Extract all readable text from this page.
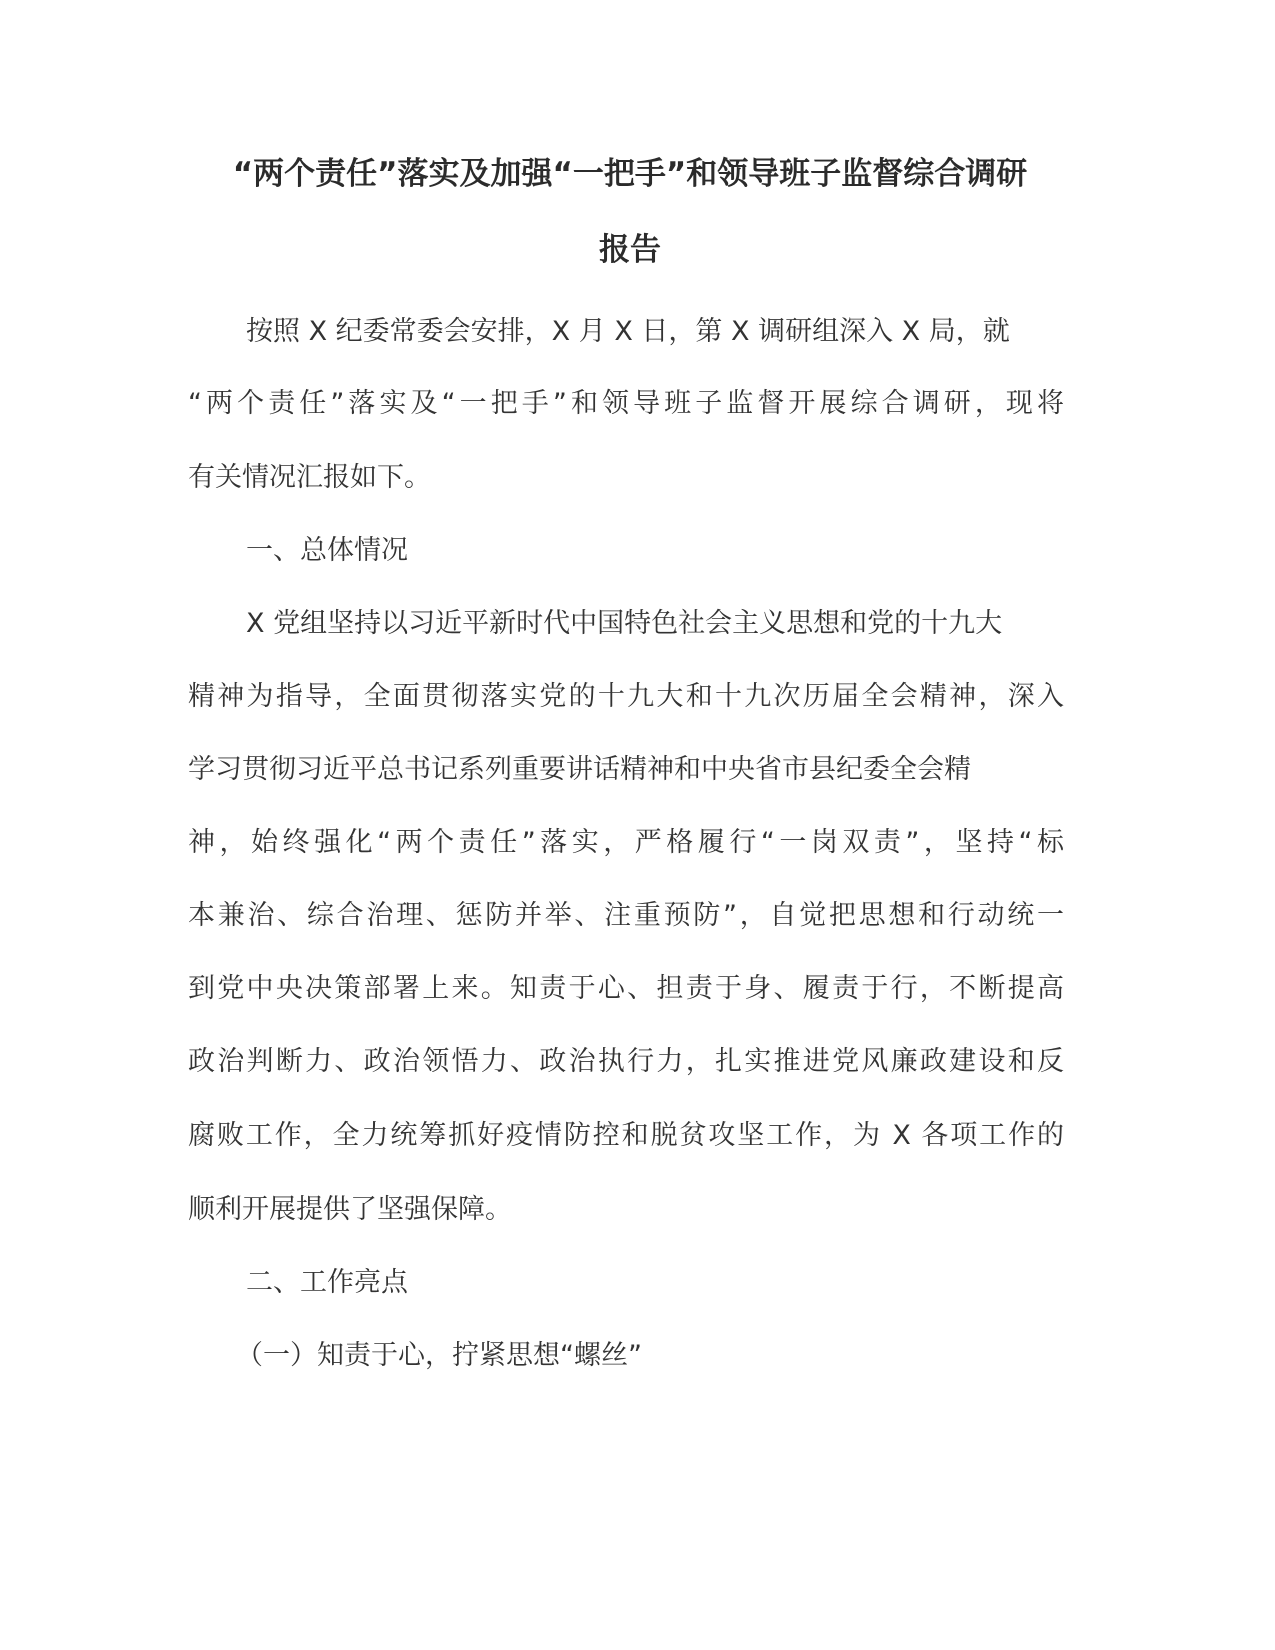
“两个责任”落实及加强“一把手”和领导班子监督综合调研
报告
按照 X 纪委常委会安排，X 月 X 日，第 X 调研组深入 X 局，就
“两个责任”落实及“一把手”和领导班子监督开展综合调研，现将
有关情况汇报如下。
一、总体情况
X 党组坚持以习近平新时代中国特色社会主义思想和党的十九大
精神为指导，全面贯彻落实党的十九大和十九次历届全会精神，深入
学习贯彻习近平总书记系列重要讲话精神和中央省市县纪委全会精
神，始终强化“两个责任”落实，严格履行“一岗双责”，坚持“标
本兼治、综合治理、惩防并举、注重预防”，自觉把思想和行动统一
到党中央决策部署上来。知责于心、担责于身、履责于行，不断提高
政治判断力、政治领悟力、政治执行力，扎实推进党风廉政建设和反
腐败工作，全力统筹抓好疫情防控和脱贫攻坚工作，为 X 各项工作的
顺利开展提供了坚强保障。
二、工作亮点
（一）知责于心，拧紧思想“螺丝”
